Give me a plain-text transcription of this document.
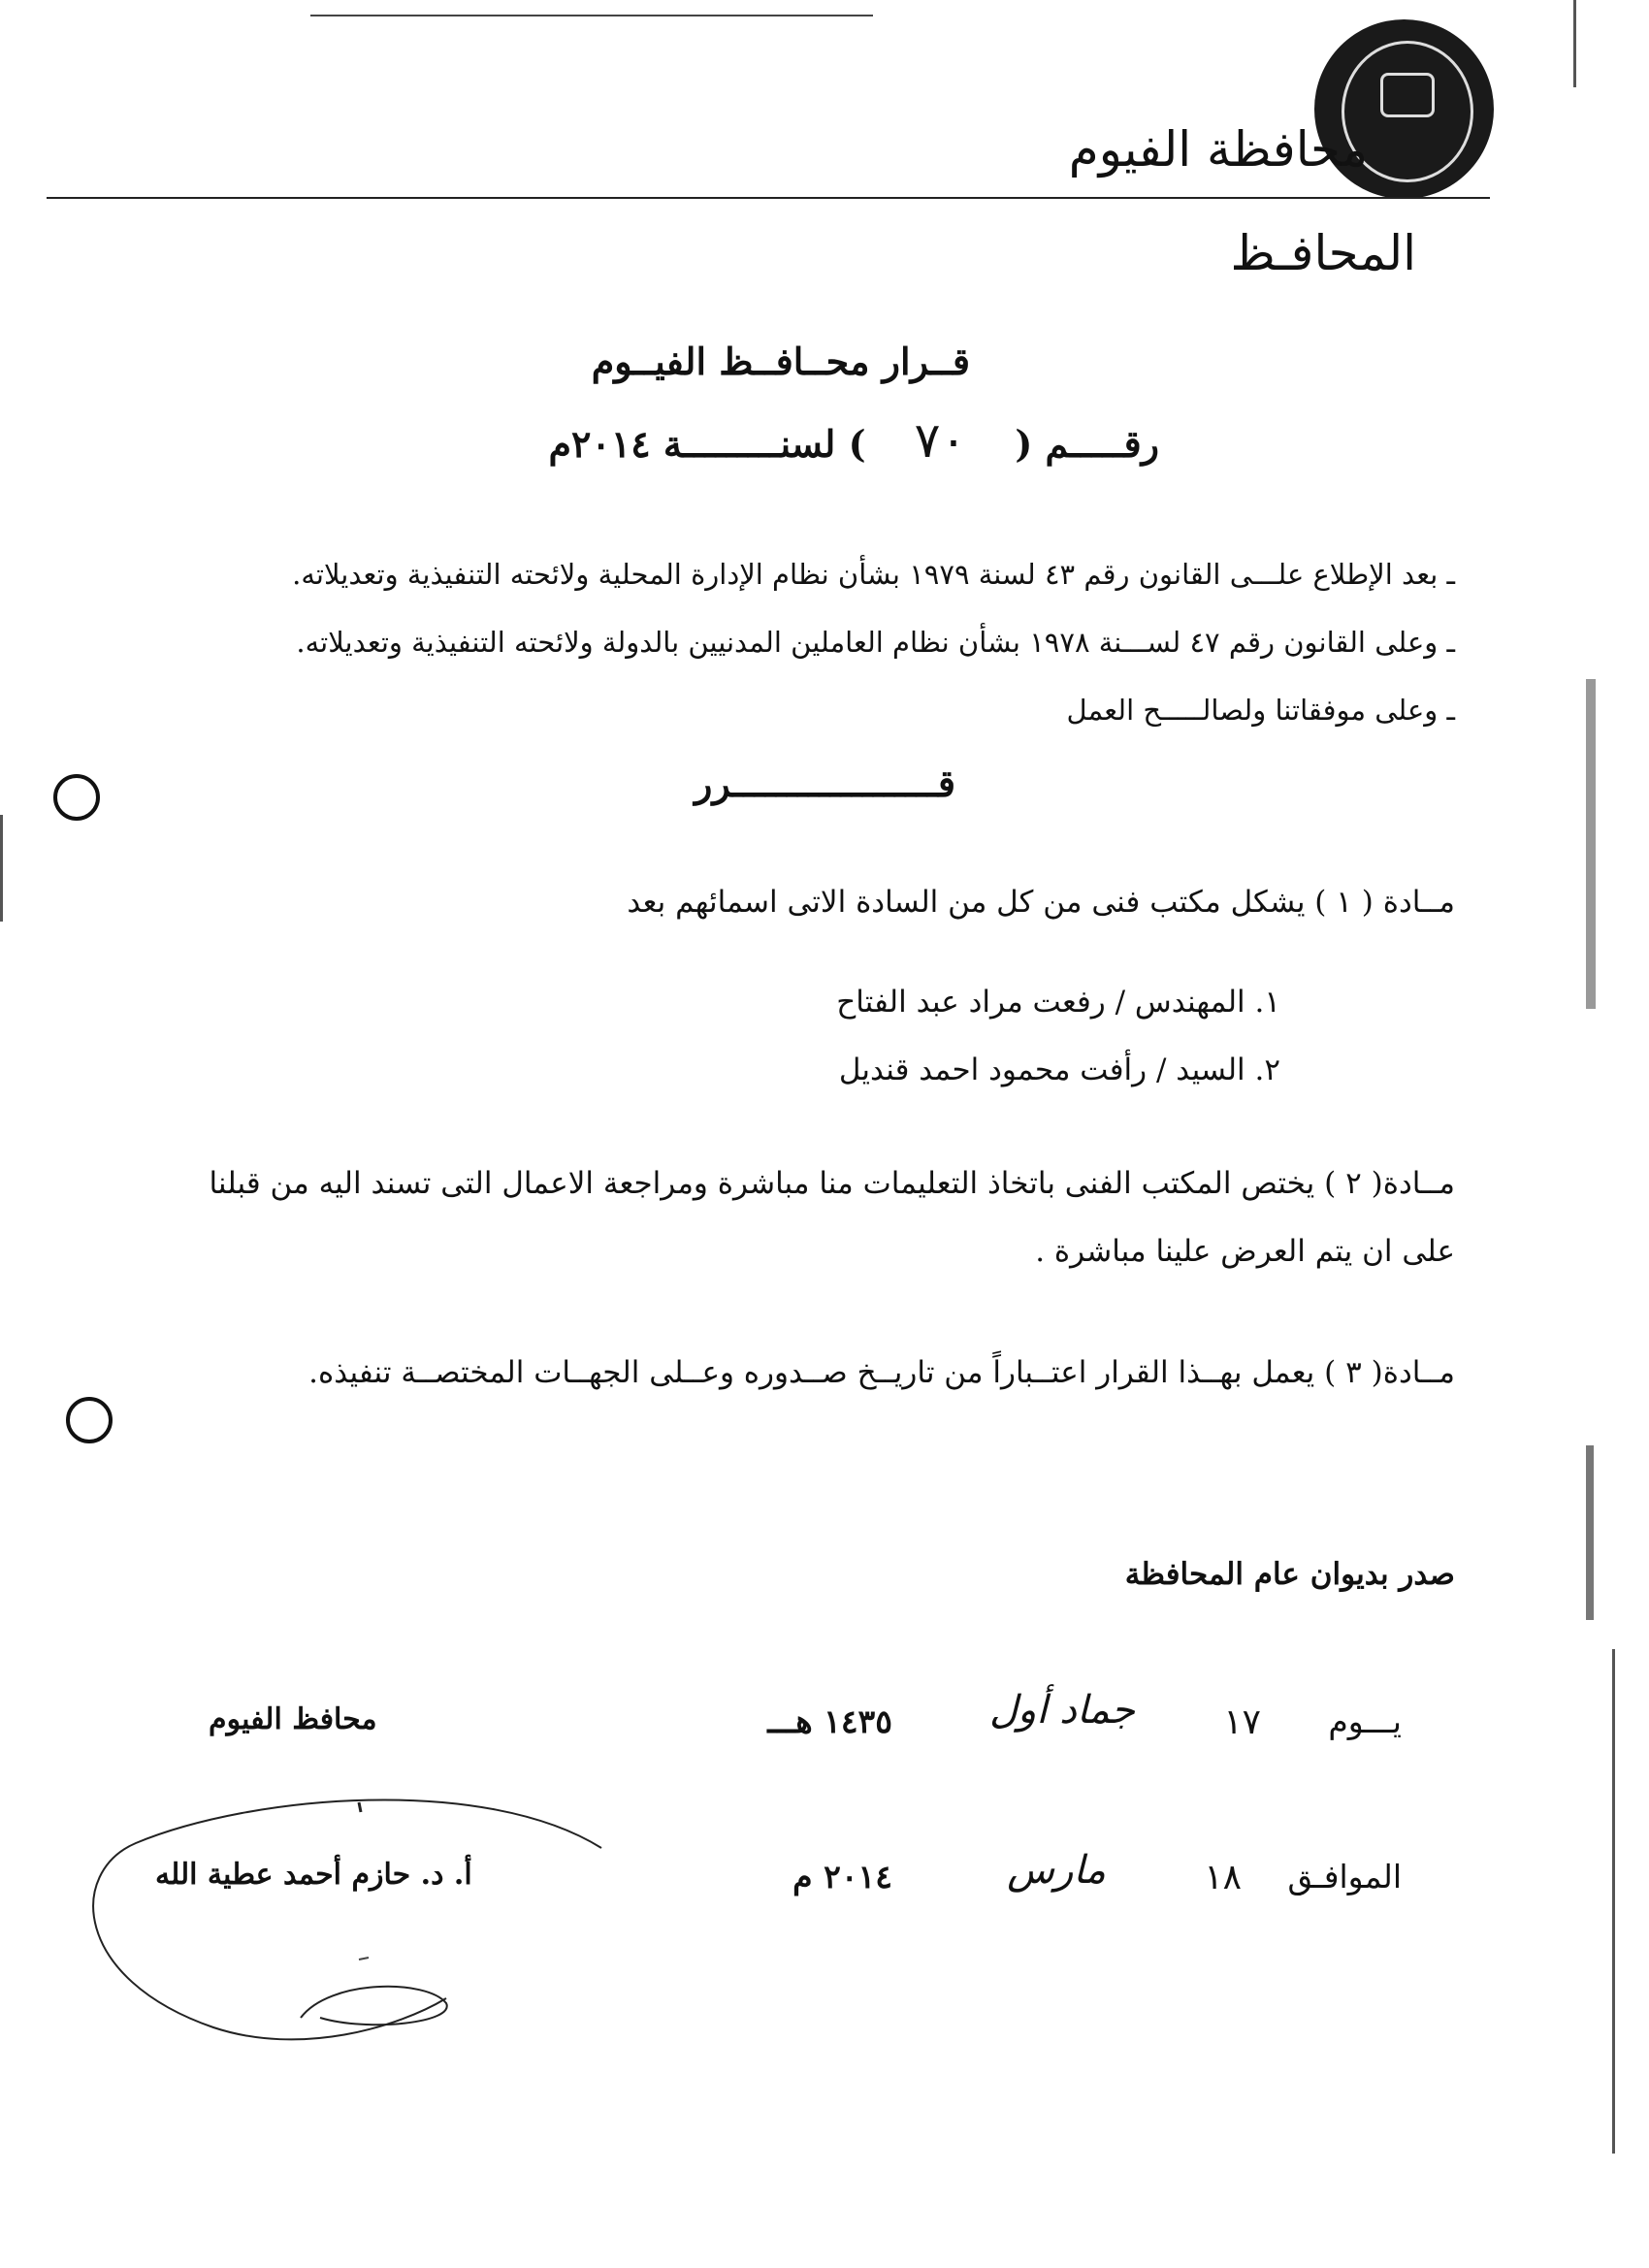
محافظة الفيوم
المحافـظ
قــرار محــافــظ الفيــوم
رقـــــم (٧٠) لسنـــــــــة ٢٠١٤م
ـ بعد الإطلاع علـــى القانون رقم ٤٣ لسنة ١٩٧٩ بشأن نظام الإدارة المحلية ولائحته التنفيذية وتعديلاته.
ـ وعلى القانون رقم ٤٧ لســـنة ١٩٧٨ بشأن نظام العاملين المدنيين بالدولة ولائحته التنفيذية وتعديلاته.
ـ وعلى موفقاتنا ولصالـــــح العمل
قـــــــــــــــــــرر
مــادة ( ١ ) يشكل مكتب فنى من كل من السادة الاتى اسمائهم بعد
١. المهندس / رفعت مراد عبد الفتاح
٢. السيد / رأفت محمود احمد قنديل
مــادة( ٢ ) يختص المكتب الفنى باتخاذ التعليمات منا مباشرة ومراجعة الاعمال التى تسند اليه من قبلنا على ان يتم العرض علينا مباشرة .
مــادة( ٣ ) يعمل بهــذا القرار اعتــباراً من تاريــخ صــدوره وعــلى الجهــات المختصــة تنفيذه.
صدر بديوان عام المحافظة
يـــوم
١٧
جماد أول
١٤٣٥ هـــ
الموافـق
١٨
مارس
٢٠١٤ م
محافظ الفيوم
أ. د. حازم أحمد عطية الله
